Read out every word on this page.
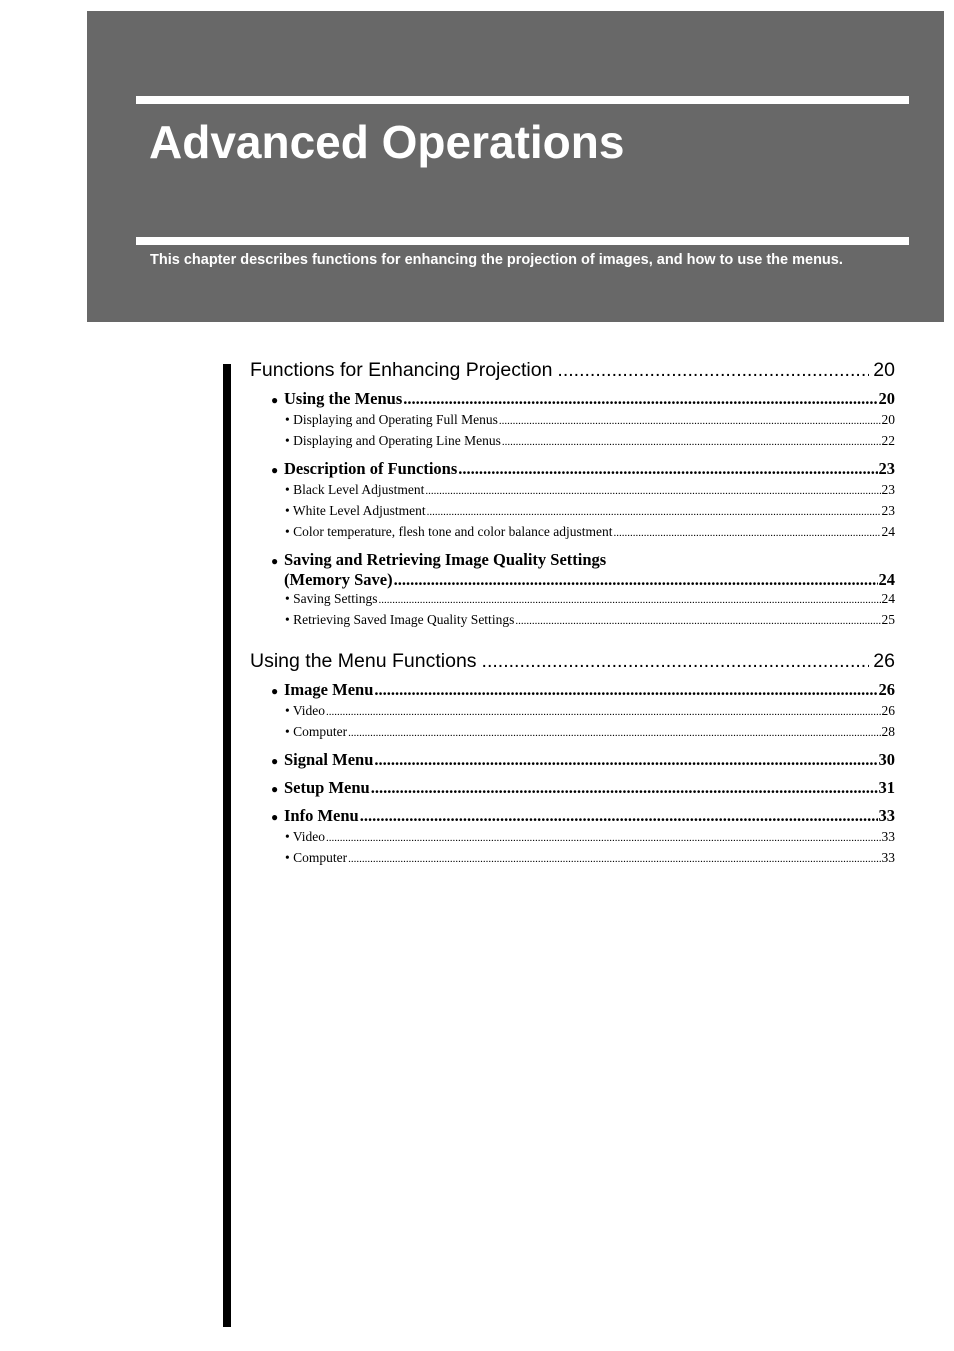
Advanced Operations

This chapter describes functions for enhancing the projection of images, and how to use the menus.

Functions for Enhancing Projection .....	20
● Using the Menus .....	20
• Displaying and Operating Full Menus .....	20
• Displaying and Operating Line Menus .....	22
● Description of Functions .....	23
• Black Level Adjustment .....	23
• White Level Adjustment .....	23
• Color temperature, flesh tone and color balance adjustment .....	24
● Saving and Retrieving Image Quality Settings
(Memory Save) .....	24
• Saving Settings .....	24
• Retrieving Saved Image Quality Settings .....	25
Using the Menu Functions .....	26
● Image Menu .....	26
• Video .....	26
• Computer .....	28
● Signal Menu .....	30
● Setup Menu .....	31
● Info Menu .....	33
• Video .....	33
• Computer .....	33
